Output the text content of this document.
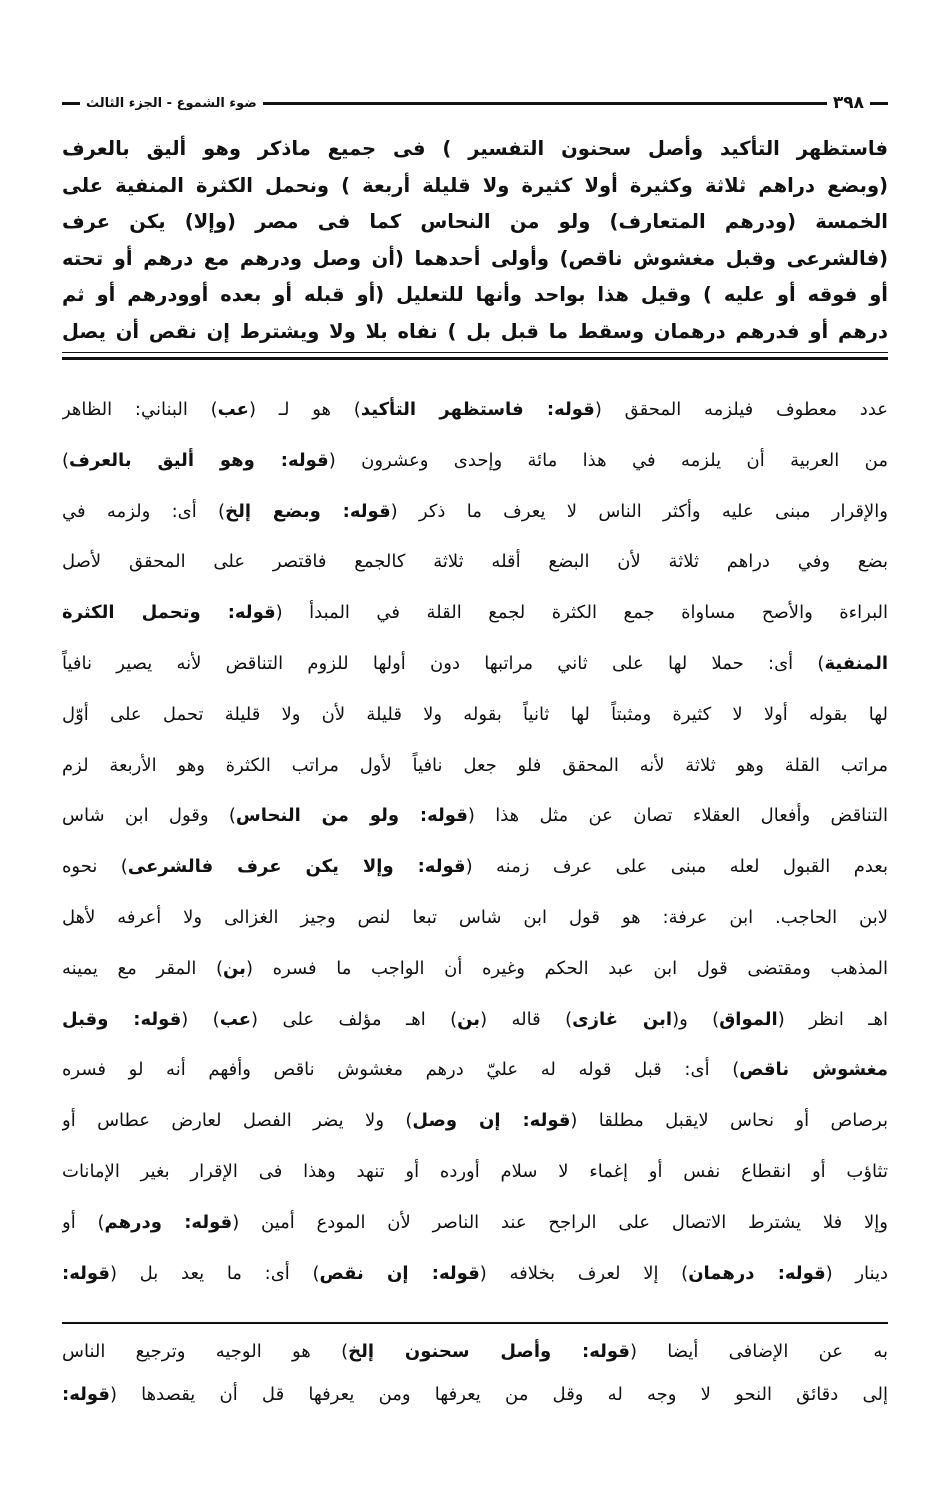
٣٩٨
ضوء الشموع - الجزء الثالث
فاستظهر التأكيد وأصل سحنون التفسير ) فى جميع ماذكر وهو أليق بالعرف
(وبضع دراهم ثلاثة وكثيرة أولا كثيرة ولا قليلة أربعة ) ونحمل الكثرة المنفية على
الخمسة (ودرهم المتعارف) ولو من النحاس كما فى مصر (وإلا) يكن عرف
(فالشرعى وقبل مغشوش ناقص) وأولى أحدهما (أن وصل ودرهم مع درهم أو تحته
أو فوقه أو عليه ) وقيل هذا بواحد وأنها للتعليل (أو قبله أو بعده أوودرهم أو ثم
درهم أو فدرهم درهمان وسقط ما قبل بل ) نفاه بلا ولا ويشترط إن نقص أن يصل
عدد معطوف فيلزمه المحقق (قوله: فاستظهر التأكيد) هو لـ (عب) البناني: الظاهر
من العربية أن يلزمه في هذا مائة وإحدى وعشرون (قوله: وهو أليق بالعرف)
والإقرار مبنى عليه وأكثر الناس لا يعرف ما ذكر (قوله: وبضع إلخ) أى: ولزمه في
بضع وفي دراهم ثلاثة لأن البضع أقله ثلاثة كالجمع فاقتصر على المحقق لأصل
البراءة والأصح مساواة جمع الكثرة لجمع القلة في المبدأ (قوله: وتحمل الكثرة
المنفية) أى: حملا لها على ثاني مراتبها دون أولها للزوم التناقض لأنه يصير نافياً
لها بقوله أولا لا كثيرة ومثبتاً لها ثانياً بقوله ولا قليلة لأن ولا قليلة تحمل على أوّل
مراتب القلة وهو ثلاثة لأنه المحقق فلو جعل نافياً لأول مراتب الكثرة وهو الأربعة لزم
التناقض وأفعال العقلاء تصان عن مثل هذا (قوله: ولو من النحاس) وقول ابن شاس
بعدم القبول لعله مبنى على عرف زمنه (قوله: وإلا يكن عرف فالشرعى) نحوه
لابن الحاجب. ابن عرفة: هو قول ابن شاس تبعا لنص وجيز الغزالى ولا أعرفه لأهل
المذهب ومقتضى قول ابن عبد الحكم وغيره أن الواجب ما فسره (بن) المقر مع يمينه
اهـ انظر (المواق) و(ابن غازى) قاله (بن) اهـ مؤلف على (عب) (قوله: وقبل
مغشوش ناقص) أى: قبل قوله له عليّ درهم مغشوش ناقص وأفهم أنه لو فسره
برصاص أو نحاس لايقبل مطلقا (قوله: إن وصل) ولا يضر الفصل لعارض عطاس أو
تثاؤب أو انقطاع نفس أو إغماء لا سلام أورده أو تنهد وهذا فى الإقرار بغير الإمانات
وإلا فلا يشترط الاتصال على الراجح عند الناصر لأن المودع أمين (قوله: ودرهم) أو
دينار (قوله: درهمان) إلا لعرف بخلافه (قوله: إن نقص) أى: ما يعد بل (قوله:
به عن الإضافى أيضا (قوله: وأصل سحنون إلخ) هو الوجيه وترجيع الناس
إلى دقائق النحو لا وجه له وقل من يعرفها ومن يعرفها قل أن يقصدها (قوله:
